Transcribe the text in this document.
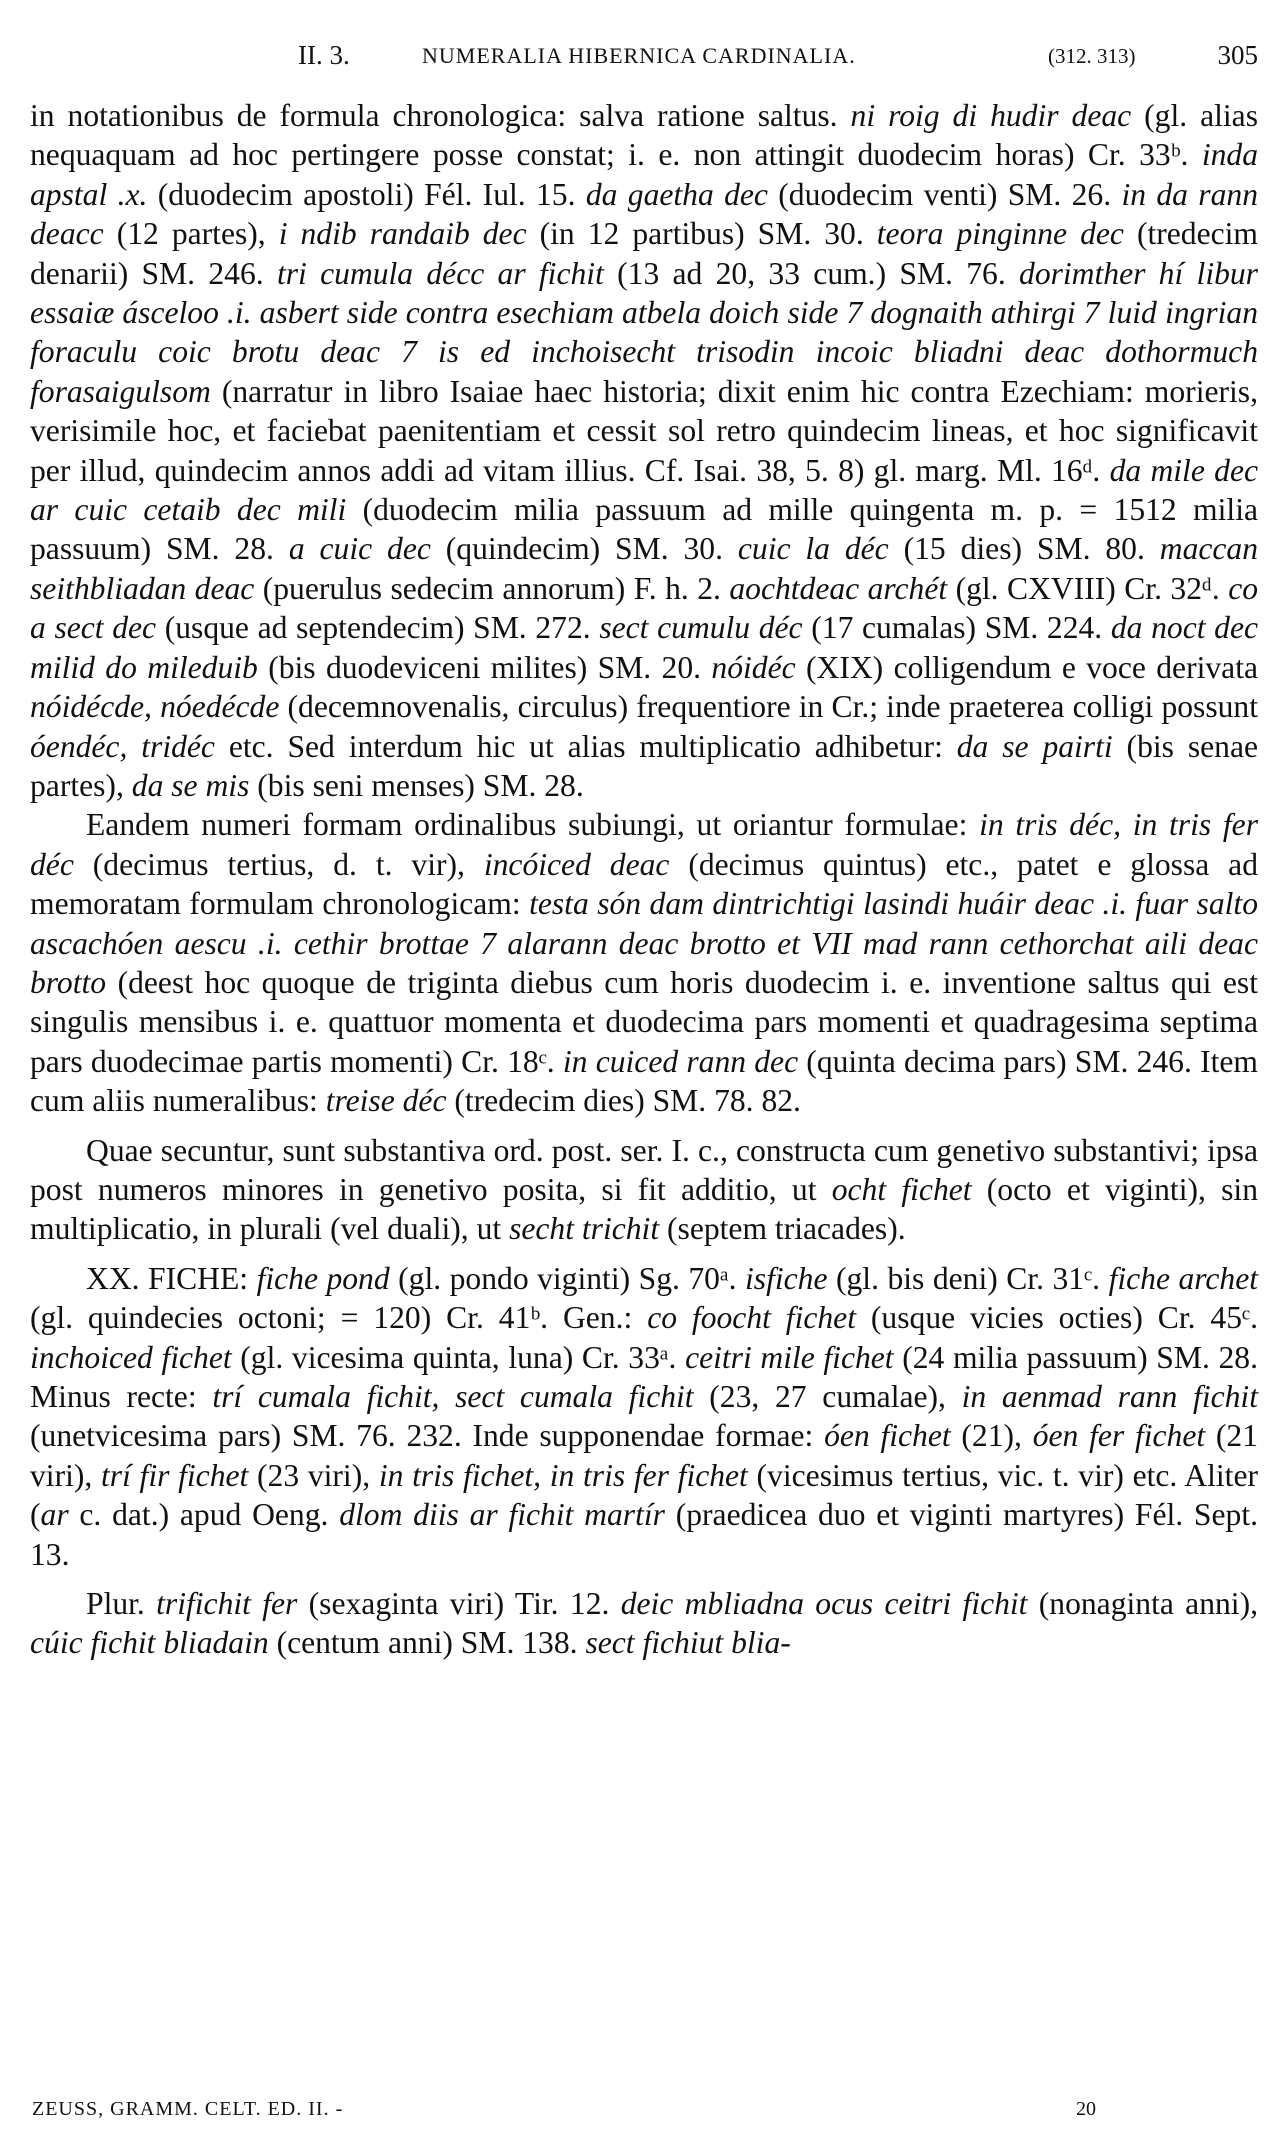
II. 3.	NUMERALIA HIBERNICA CARDINALIA.	(312. 313)	305

in notationibus de formula chronologica: salva ratione saltus. ni roig di hudir deac (gl. alias nequaquam ad hoc pertingere posse constat; i. e. non attingit duodecim horas) Cr. 33ᵇ. inda apstal .x. (duodecim apostoli) Fél. Iul. 15. da gaetha dec (duodecim venti) SM. 26. in da rann deacc (12 partes), i ndib randaib dec (in 12 partibus) SM. 30. teora pinginne dec (tredecim denarii) SM. 246. tri cumula décc ar fichit (13 ad 20, 33 cum.) SM. 76. dorimther hí libur essaiæ ásceloo .i. asbert side contra esechiam atbela doich side 7 dognaith athirgi 7 luid ingrian foraculu coic brotu deac 7 is ed inchoisecht trisodin incoic bliadni deac dothormuch forasaigulsom (narratur in libro Isaiae haec historia; dixit enim hic contra Ezechiam: morieris, verisimile hoc, et faciebat paenitentiam et cessit sol retro quindecim lineas, et hoc significavit per illud, quindecim annos addi ad vitam illius. Cf. Isai. 38, 5. 8) gl. marg. Ml. 16ᵈ. da mile dec ar cuic cetaib dec mili (duodecim milia passuum ad mille quingenta m. p. = 1512 milia passuum) SM. 28. a cuic dec (quindecim) SM. 30. cuic la déc (15 dies) SM. 80. maccan seithbliadan deac (puerulus sedecim annorum) F. h. 2. aochtdeac archét (gl. CXVIII) Cr. 32ᵈ. co a sect dec (usque ad septendecim) SM. 272. sect cumulu déc (17 cumalas) SM. 224. da noct dec milid do mileduib (bis duodeviceni milites) SM. 20. nóidéc (XIX) colligendum e voce derivata nóidécde, nóedécde (decemnovenalis, circulus) frequentiore in Cr.; inde praeterea colligi possunt óendéc, tridéc etc. Sed interdum hic ut alias multiplicatio adhibetur: da se pairti (bis senae partes), da se mis (bis seni menses) SM. 28.

Eandem numeri formam ordinalibus subiungi, ut oriantur formulae: in tris déc, in tris fer déc (decimus tertius, d. t. vir), incóiced deac (decimus quintus) etc., patet e glossa ad memoratam formulam chronologicam: testa són dam dintrichtigi lasindi huáir deac .i. fuar salto ascachóen aescu .i. cethir brottae 7 alarann deac brotto et VII mad rann cethorchat aili deac brotto (deest hoc quoque de triginta diebus cum horis duodecim i. e. inventione saltus qui est singulis mensibus i. e. quattuor momenta et duodecima pars momenti et quadragesima septima pars duodecimae partis momenti) Cr. 18ᶜ. in cuiced rann dec (quinta decima pars) SM. 246. Item cum aliis numeralibus: treise déc (tredecim dies) SM. 78. 82.

Quae secuntur, sunt substantiva ord. post. ser. I. c., constructa cum genetivo substantivi; ipsa post numeros minores in genetivo posita, si fit additio, ut ocht fichet (octo et viginti), sin multiplicatio, in plurali (vel duali), ut secht trichit (septem triacades).

XX. FICHE: fiche pond (gl. pondo viginti) Sg. 70ᵃ. isfiche (gl. bis deni) Cr. 31ᶜ. fiche archet (gl. quindecies octoni; = 120) Cr. 41ᵇ. Gen.: co foocht fichet (usque vicies octies) Cr. 45ᶜ. inchoiced fichet (gl. vicesima quinta, luna) Cr. 33ᵃ. ceitri mile fichet (24 milia passuum) SM. 28. Minus recte: trí cumala fichit, sect cumala fichit (23, 27 cumalae), in aenmad rann fichit (unetvicesima pars) SM. 76. 232. Inde supponendae formae: óen fichet (21), óen fer fichet (21 viri), trí fir fichet (23 viri), in tris fichet, in tris fer fichet (vicesimus tertius, vic. t. vir) etc. Aliter (ar c. dat.) apud Oeng. dlom diis ar fichit martír (praedicea duo et viginti martyres) Fél. Sept. 13.

Plur. trifichit fer (sexaginta viri) Tir. 12. deic mbliadna ocus ceitri fichit (nonaginta anni), cúic fichit bliadain (centum anni) SM. 138. sect fichiut blia-

ZEUSS, GRAMM. CELT. ED. II. -	20
